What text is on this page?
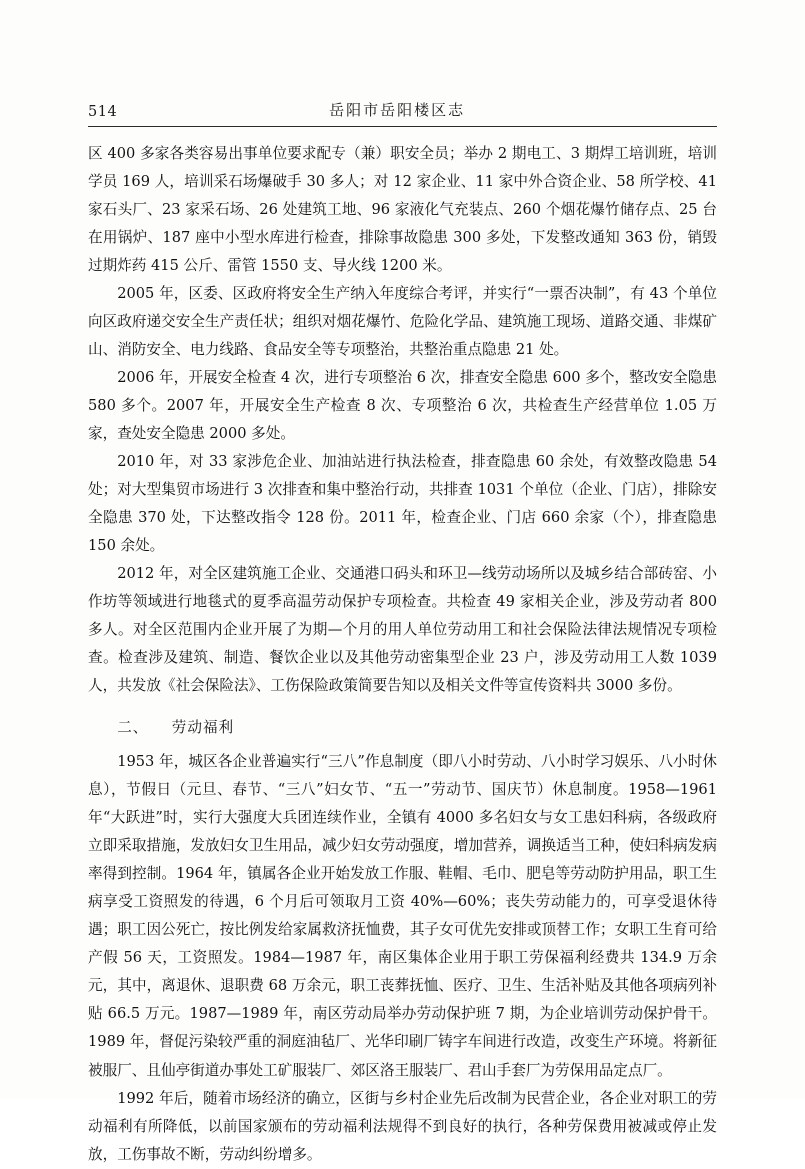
514	岳阳市岳阳楼区志

区 400 多家各类容易出事单位要求配专（兼）职安全员；举办 2 期电工、3 期焊工培训班，培训学员 169 人，培训采石场爆破手 30 多人；对 12 家企业、11 家中外合资企业、58 所学校、41 家石头厂、23 家采石场、26 处建筑工地、96 家液化气充装点、260 个烟花爆竹储存点、25 台在用锅炉、187 座中小型水库进行检查，排除事故隐患 300 多处，下发整改通知 363 份，销毁过期炸药 415 公斤、雷管 1550 支、导火线 1200 米。

2005 年，区委、区政府将安全生产纳入年度综合考评，并实行“一票否决制”，有 43 个单位向区政府递交安全生产责任状；组织对烟花爆竹、危险化学品、建筑施工现场、道路交通、非煤矿山、消防安全、电力线路、食品安全等专项整治，共整治重点隐患 21 处。

2006 年，开展安全检查 4 次，进行专项整治 6 次，排查安全隐患 600 多个，整改安全隐患 580 多个。2007 年，开展安全生产检查 8 次、专项整治 6 次，共检查生产经营单位 1.05 万家，查处安全隐患 2000 多处。

2010 年，对 33 家涉危企业、加油站进行执法检查，排查隐患 60 余处，有效整改隐患 54 处；对大型集贸市场进行 3 次排查和集中整治行动，共排查 1031 个单位（企业、门店），排除安全隐患 370 处，下达整改指令 128 份。2011 年，检查企业、门店 660 余家（个），排查隐患 150 余处。

2012 年，对全区建筑施工企业、交通港口码头和环卫—线劳动场所以及城乡结合部砖窑、小作坊等领域进行地毯式的夏季高温劳动保护专项检查。共检查 49 家相关企业，涉及劳动者 800 多人。对全区范围内企业开展了为期—个月的用人单位劳动用工和社会保险法律法规情况专项检查。检查涉及建筑、制造、餐饮企业以及其他劳动密集型企业 23 户，涉及劳动用工人数 1039 人，共发放《社会保险法》、工伤保险政策简要告知以及相关文件等宣传资料共 3000 多份。

二、 劳动福利

1953 年，城区各企业普遍实行“三八”作息制度（即八小时劳动、八小时学习娱乐、八小时休息），节假日（元旦、春节、“三八”妇女节、“五一”劳动节、国庆节）休息制度。1958—1961 年“大跃进”时，实行大强度大兵团连续作业，全镇有 4000 多名妇女与女工患妇科病，各级政府立即采取措施，发放妇女卫生用品，减少妇女劳动强度，增加营养，调换适当工种，使妇科病发病率得到控制。1964 年，镇属各企业开始发放工作服、鞋帽、毛巾、肥皂等劳动防护用品，职工生病享受工资照发的待遇，6 个月后可领取月工资 40%—60%；丧失劳动能力的，可享受退休待遇；职工因公死亡，按比例发给家属救济抚恤费，其子女可优先安排或顶替工作；女职工生育可给产假 56 天，工资照发。1984—1987 年，南区集体企业用于职工劳保福利经费共 134.9 万余元，其中，离退休、退职费 68 万余元，职工丧葬抚恤、医疗、卫生、生活补贴及其他各项病列补贴 66.5 万元。1987—1989 年，南区劳动局举办劳动保护班 7 期，为企业培训劳动保护骨干。1989 年，督促污染较严重的洞庭油毡厂、光华印刷厂铸字车间进行改造，改变生产环境。将新征被服厂、且仙亭街道办事处工矿服装厂、郊区洛王服装厂、君山手套厂为劳保用品定点厂。

1992 年后，随着市场经济的确立，区街与乡村企业先后改制为民营企业，各企业对职工的劳动福利有所降低，以前国家颁布的劳动福利法规得不到良好的执行，各种劳保费用被减或停止发放，工伤事故不断，劳动纠纷增多。
